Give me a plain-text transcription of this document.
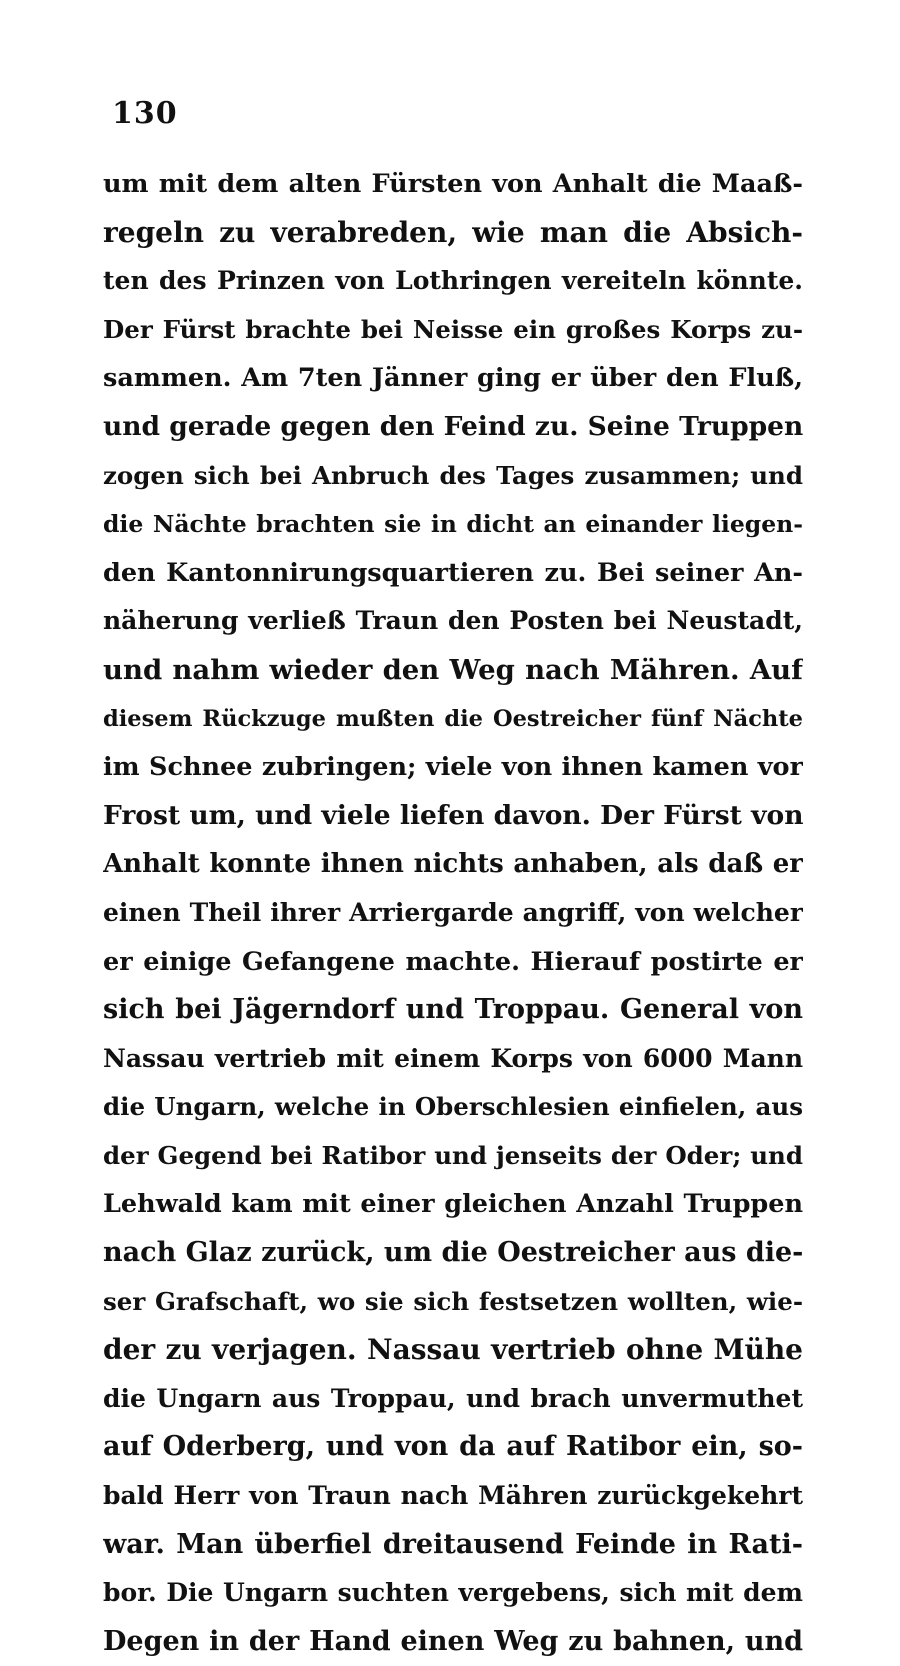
130
um mit dem alten Fürsten von Anhalt die Maaß-
regeln zu verabreden, wie man die Absich-
ten des Prinzen von Lothringen vereiteln könnte.
Der Fürst brachte bei Neisse ein großes Korps zu-
sammen. Am 7ten Jänner ging er über den Fluß,
und gerade gegen den Feind zu. Seine Truppen
zogen sich bei Anbruch des Tages zusammen; und
die Nächte brachten sie in dicht an einander liegen-
den Kantonnirungsquartieren zu. Bei seiner An-
näherung verließ Traun den Posten bei Neustadt,
und nahm wieder den Weg nach Mähren. Auf
diesem Rückzuge mußten die Oestreicher fünf Nächte
im Schnee zubringen; viele von ihnen kamen vor
Frost um, und viele liefen davon. Der Fürst von
Anhalt konnte ihnen nichts anhaben, als daß er
einen Theil ihrer Arriergarde angriff, von welcher
er einige Gefangene machte. Hierauf postirte er
sich bei Jägerndorf und Troppau. General von
Nassau vertrieb mit einem Korps von 6000 Mann
die Ungarn, welche in Oberschlesien einfielen, aus
der Gegend bei Ratibor und jenseits der Oder; und
Lehwald kam mit einer gleichen Anzahl Truppen
nach Glaz zurück, um die Oestreicher aus die-
ser Grafschaft, wo sie sich festsetzen wollten, wie-
der zu verjagen. Nassau vertrieb ohne Mühe
die Ungarn aus Troppau, und brach unvermuthet
auf Oderberg, und von da auf Ratibor ein, so-
bald Herr von Traun nach Mähren zurückgekehrt
war. Man überfiel dreitausend Feinde in Rati-
bor. Die Ungarn suchten vergebens, sich mit dem
Degen in der Hand einen Weg zu bahnen, und
